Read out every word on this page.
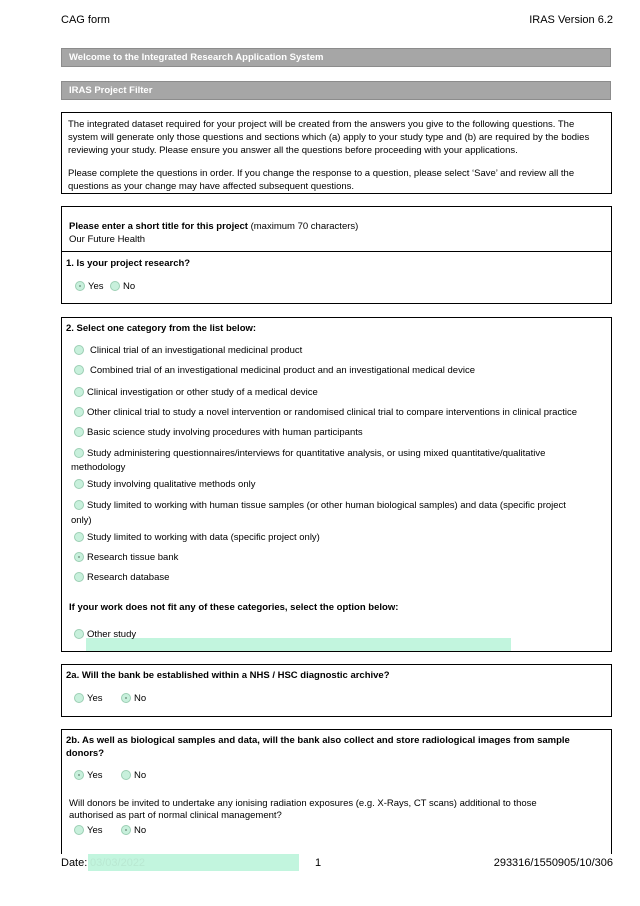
CAG form	IRAS Version 6.2
Welcome to the Integrated Research Application System
IRAS Project Filter

The integrated dataset required for your project will be created from the answers you give to the following questions. The system will generate only those questions and sections which (a) apply to your study type and (b) are required by the bodies reviewing your study. Please ensure you answer all the questions before proceeding with your applications.

Please complete the questions in order. If you change the response to a question, please select ‘Save’ and review all the questions as your change may have affected subsequent questions.

Please enter a short title for this project (maximum 70 characters)
Our Future Health
1. Is your project research?
Yes	No
2. Select one category from the list below:
Clinical trial of an investigational medicinal product
Combined trial of an investigational medicinal product and an investigational medical device
Clinical investigation or other study of a medical device
Other clinical trial to study a novel intervention or randomised clinical trial to compare interventions in clinical practice
Basic science study involving procedures with human participants
Study administering questionnaires/interviews for quantitative analysis, or using mixed quantitative/qualitative
methodology
Study involving qualitative methods only
Study limited to working with human tissue samples (or other human biological samples) and data (specific project
only)
Study limited to working with data (specific project only)
Research tissue bank
Research database
If your work does not fit any of these categories, select the option below:
Other study
2a. Will the bank be established within a NHS / HSC diagnostic archive?
Yes	No
2b. As well as biological samples and data, will the bank also collect and store radiological images from sample
donors?
Yes	No
Will donors be invited to undertake any ionising radiation exposures (e.g. X-Rays, CT scans) additional to those
authorised as part of normal clinical management?
Yes	No
Date: 03/03/2022	1	293316/1550905/10/306
